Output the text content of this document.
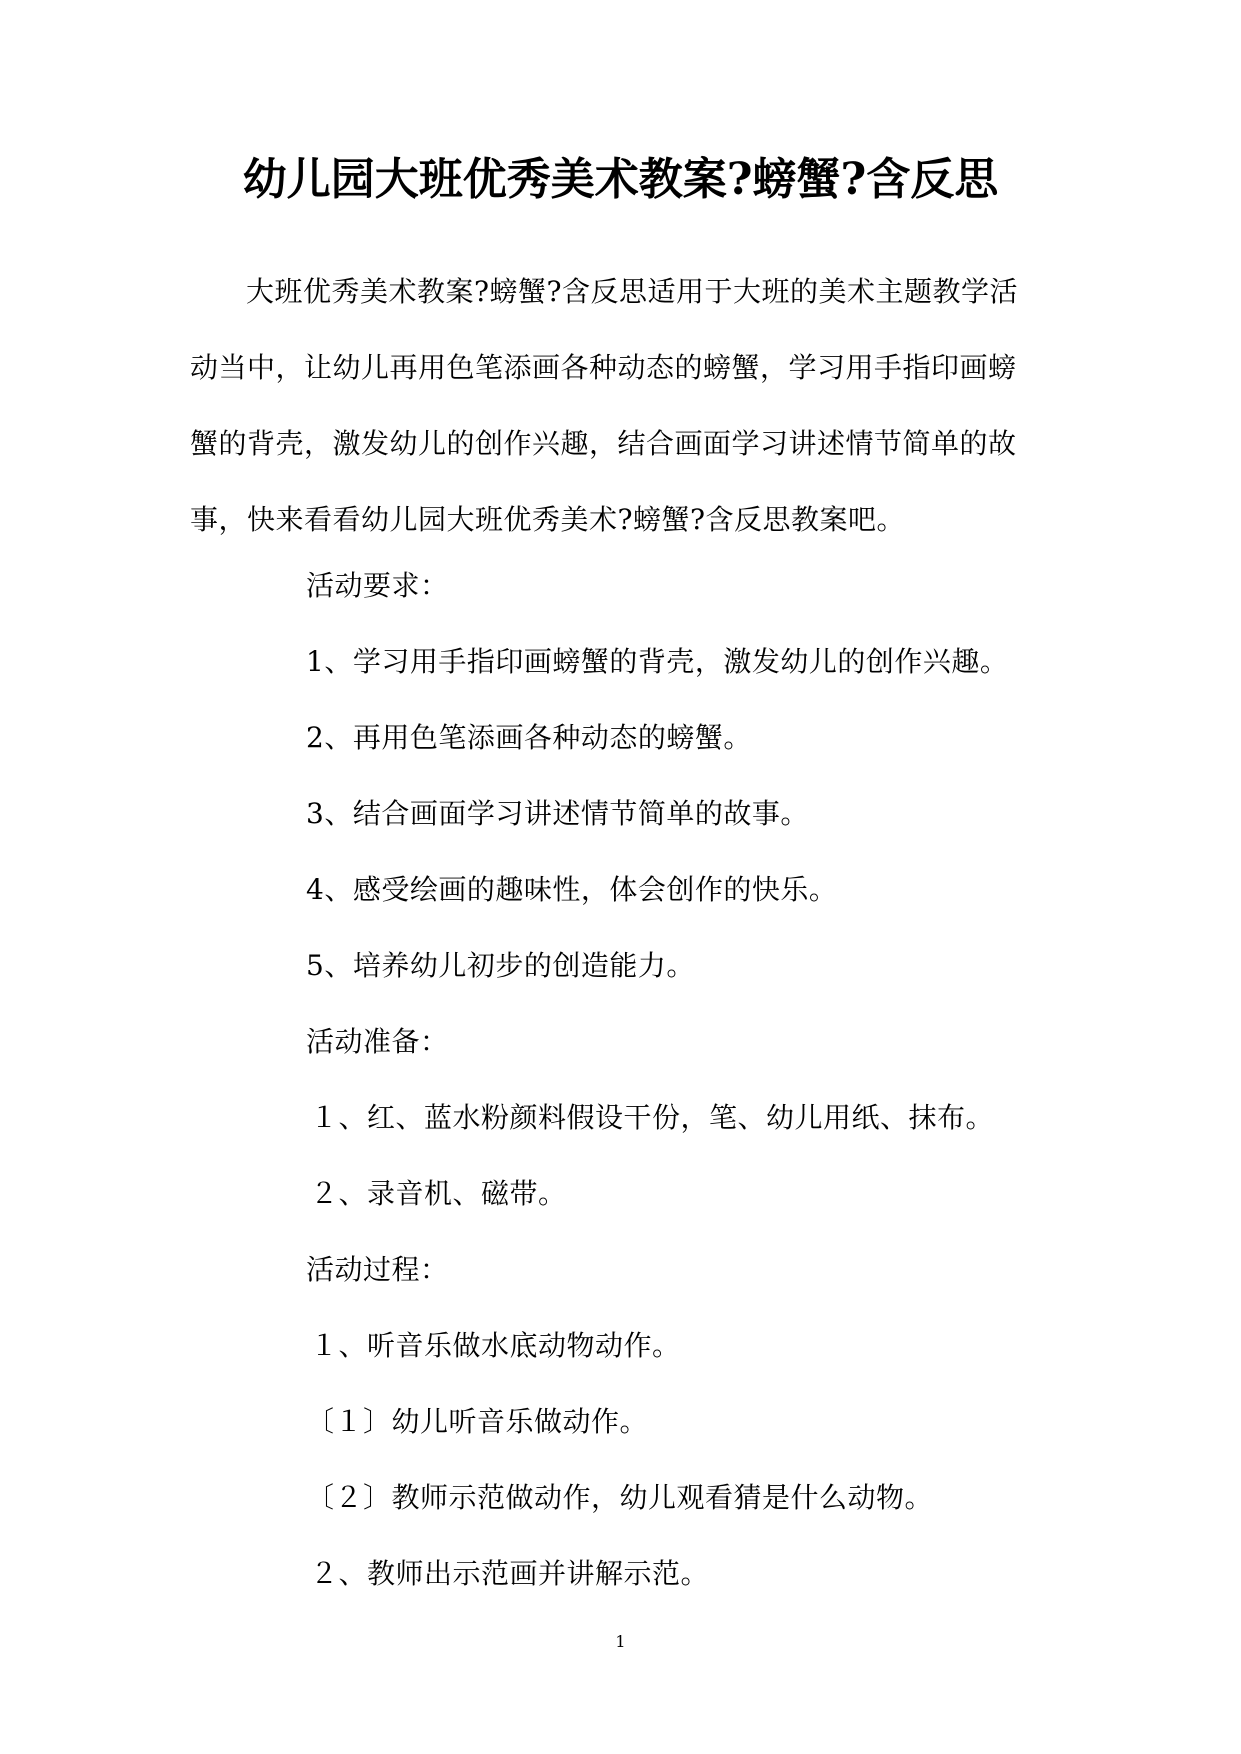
幼儿园大班优秀美术教案?螃蟹?含反思
大班优秀美术教案?螃蟹?含反思适用于大班的美术主题教学活
动当中，让幼儿再用色笔添画各种动态的螃蟹，学习用手指印画螃
蟹的背壳，激发幼儿的创作兴趣，结合画面学习讲述情节简单的故
事，快来看看幼儿园大班优秀美术?螃蟹?含反思教案吧。
活动要求：
1、学习用手指印画螃蟹的背壳，激发幼儿的创作兴趣。
2、再用色笔添画各种动态的螃蟹。
3、结合画面学习讲述情节简单的故事。
4、感受绘画的趣味性，体会创作的快乐。
5、培养幼儿初步的创造能力。
活动准备：
１、红、蓝水粉颜料假设干份，笔、幼儿用纸、抹布。
２、录音机、磁带。
活动过程：
１、听音乐做水底动物动作。
〔１〕幼儿听音乐做动作。
〔２〕教师示范做动作，幼儿观看猜是什么动物。
２、教师出示范画并讲解示范。
1
